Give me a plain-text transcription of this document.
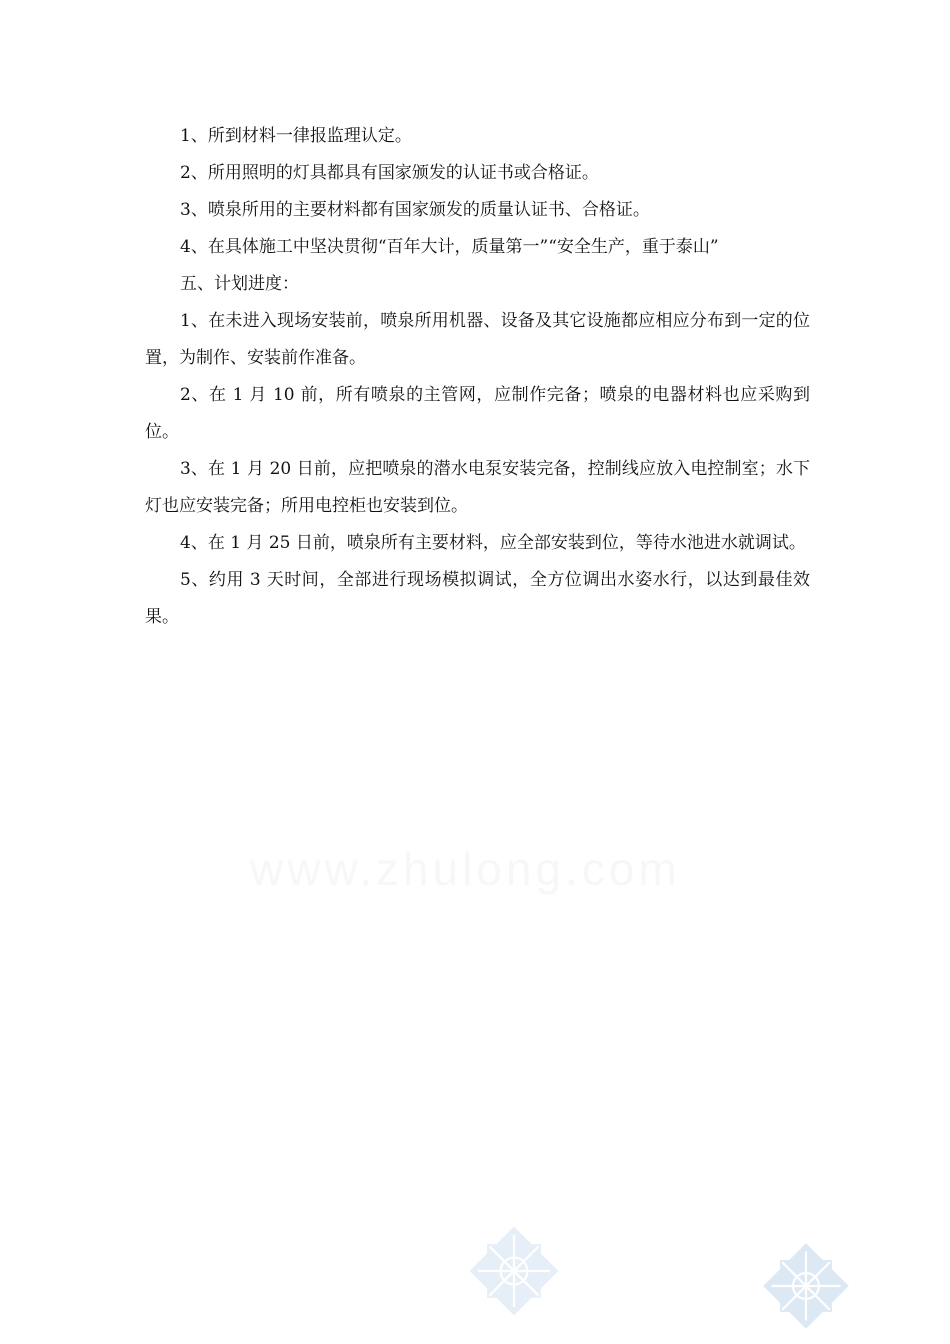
1、所到材料一律报监理认定。

2、所用照明的灯具都具有国家颁发的认证书或合格证。

3、喷泉所用的主要材料都有国家颁发的质量认证书、合格证。

4、在具体施工中坚决贯彻“百年大计，质量第一”“安全生产，重于泰山”

五、计划进度：

1、在未进入现场安装前，喷泉所用机器、设备及其它设施都应相应分布到一定的位置，为制作、安装前作准备。

2、在 1 月 10 前，所有喷泉的主管网，应制作完备；喷泉的电器材料也应采购到位。

3、在 1 月 20 日前，应把喷泉的潜水电泵安装完备，控制线应放入电控制室；水下灯也应安装完备；所用电控柜也安装到位。

4、在 1 月 25 日前，喷泉所有主要材料，应全部安装到位，等待水池进水就调试。

5、约用 3 天时间，全部进行现场模拟调试，全方位调出水姿水行，以达到最佳效果。

www.zhulong.com
